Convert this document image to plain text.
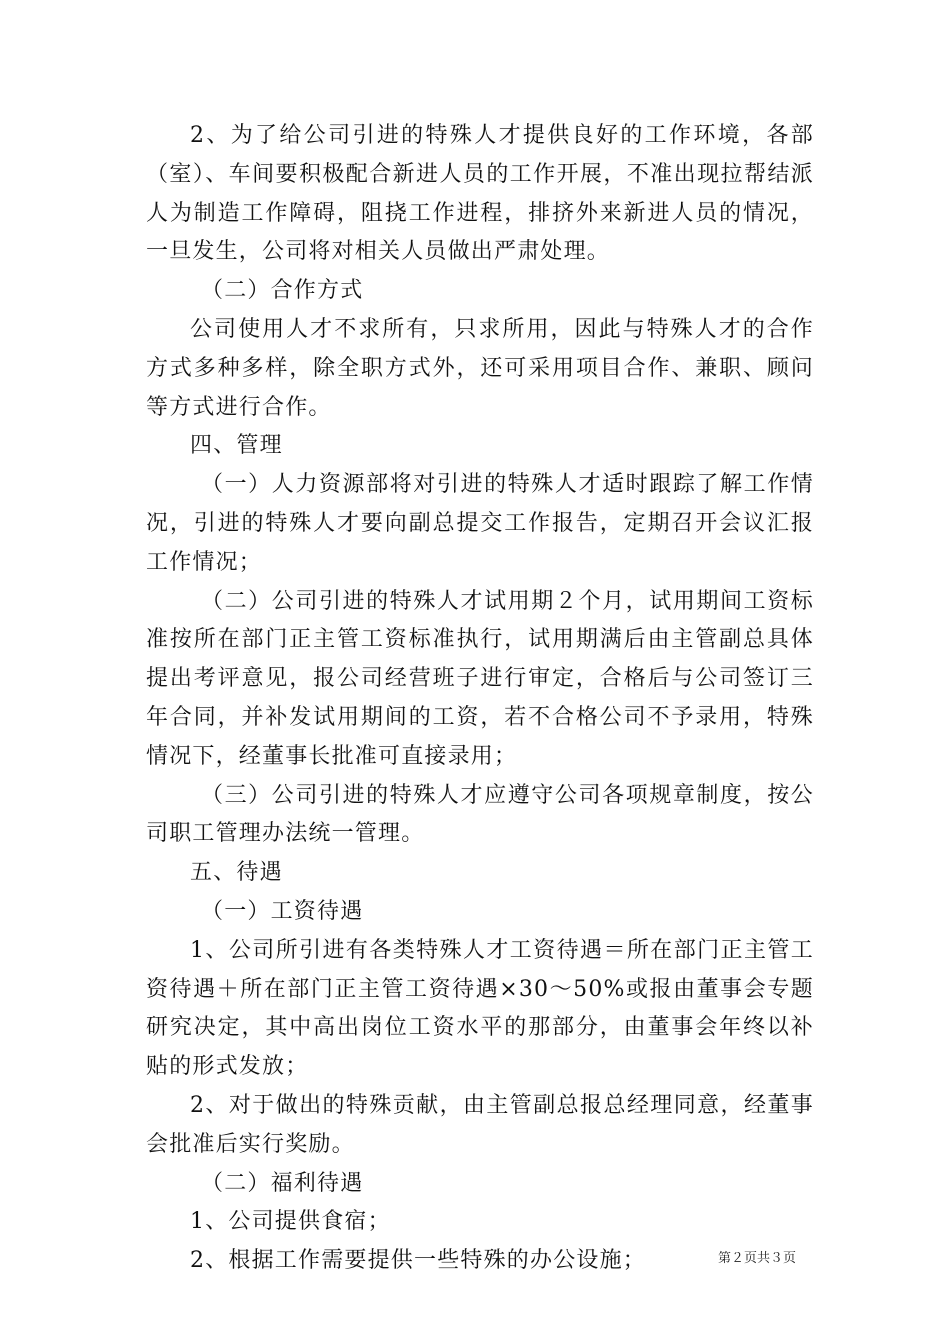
2、为了给公司引进的特殊人才提供良好的工作环境，各部（室）、车间要积极配合新进人员的工作开展，不准出现拉帮结派人为制造工作障碍，阻挠工作进程，排挤外来新进人员的情况，一旦发生，公司将对相关人员做出严肃处理。

（二）合作方式

公司使用人才不求所有，只求所用，因此与特殊人才的合作方式多种多样，除全职方式外，还可采用项目合作、兼职、顾问等方式进行合作。

四、管理

（一）人力资源部将对引进的特殊人才适时跟踪了解工作情况，引进的特殊人才要向副总提交工作报告，定期召开会议汇报工作情况；

（二）公司引进的特殊人才试用期２个月，试用期间工资标准按所在部门正主管工资标准执行，试用期满后由主管副总具体提出考评意见，报公司经营班子进行审定，合格后与公司签订三年合同，并补发试用期间的工资，若不合格公司不予录用，特殊情况下，经董事长批准可直接录用；

（三）公司引进的特殊人才应遵守公司各项规章制度，按公司职工管理办法统一管理。

五、待遇

（一）工资待遇

1、公司所引进有各类特殊人才工资待遇＝所在部门正主管工资待遇＋所在部门正主管工资待遇×30～50%或报由董事会专题研究决定，其中高出岗位工资水平的那部分，由董事会年终以补贴的形式发放；

2、对于做出的特殊贡献，由主管副总报总经理同意，经董事会批准后实行奖励。

（二）福利待遇

1、公司提供食宿；

2、根据工作需要提供一些特殊的办公设施；	第２页共３页
